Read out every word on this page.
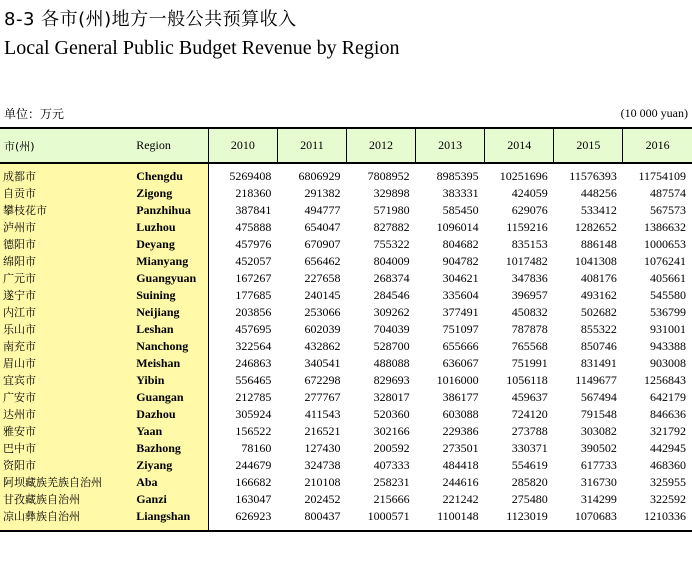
8-3 各市(州)地方一般公共预算收入
Local General Public Budget Revenue by Region
单位：万元	(10 000 yuan)
市(州)	Region	2010	2011	2012	2013	2014	2015	2016
成都市	Chengdu	5269408	6806929	7808952	8985395	10251696	11576393	11754109
自贡市	Zigong	218360	291382	329898	383331	424059	448256	487574
攀枝花市	Panzhihua	387841	494777	571980	585450	629076	533412	567573
泸州市	Luzhou	475888	654047	827882	1096014	1159216	1282652	1386632
德阳市	Deyang	457976	670907	755322	804682	835153	886148	1000653
绵阳市	Mianyang	452057	656462	804009	904782	1017482	1041308	1076241
广元市	Guangyuan	167267	227658	268374	304621	347836	408176	405661
遂宁市	Suining	177685	240145	284546	335604	396957	493162	545580
内江市	Neijiang	203856	253066	309262	377491	450832	502682	536799
乐山市	Leshan	457695	602039	704039	751097	787878	855322	931001
南充市	Nanchong	322564	432862	528700	655666	765568	850746	943388
眉山市	Meishan	246863	340541	488088	636067	751991	831491	903008
宜宾市	Yibin	556465	672298	829693	1016000	1056118	1149677	1256843
广安市	Guangan	212785	277767	328017	386177	459637	567494	642179
达州市	Dazhou	305924	411543	520360	603088	724120	791548	846636
雅安市	Yaan	156522	216521	302166	229386	273788	303082	321792
巴中市	Bazhong	78160	127430	200592	273501	330371	390502	442945
资阳市	Ziyang	244679	324738	407333	484418	554619	617733	468360
阿坝藏族羌族自治州	Aba	166682	210108	258231	244616	285820	316730	325955
甘孜藏族自治州	Ganzi	163047	202452	215666	221242	275480	314299	322592
凉山彝族自治州	Liangshan	626923	800437	1000571	1100148	1123019	1070683	1210336
